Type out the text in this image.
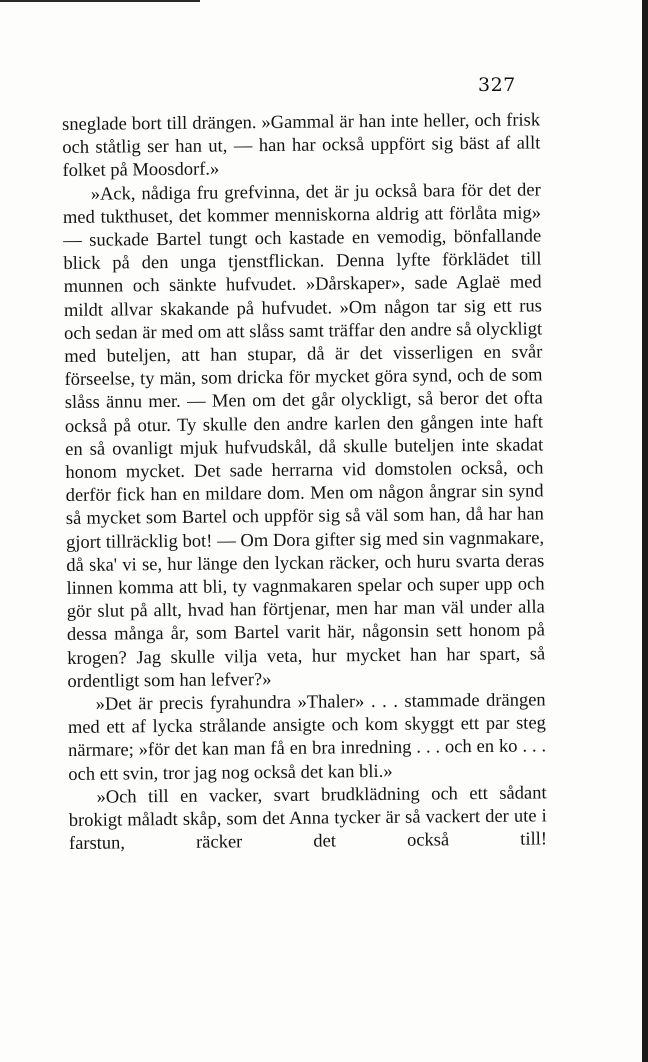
327

sneglade bort till drängen. »Gammal är han inte heller, och frisk och ståtlig ser han ut, — han har också uppfört sig bäst af allt folket på Moosdorf.»

»Ack, nådiga fru grefvinna, det är ju också bara för det der med tukthuset, det kommer menniskorna aldrig att förlåta mig» — suckade Bartel tungt och kastade en vemodig, bönfallande blick på den unga tjenstflickan. Denna lyfte förklädet till munnen och sänkte hufvudet. »Dårskaper», sade Aglaë med mildt allvar skakande på hufvudet. »Om någon tar sig ett rus och sedan är med om att slåss samt träffar den andre så olyckligt med buteljen, att han stupar, då är det visserligen en svår förseelse, ty män, som dricka för mycket göra synd, och de som slåss ännu mer. — Men om det går olyckligt, så beror det ofta också på otur. Ty skulle den andre karlen den gången inte haft en så ovanligt mjuk hufvudskål, då skulle buteljen inte skadat honom mycket. Det sade herrarna vid domstolen också, och derför fick han en mildare dom. Men om någon ångrar sin synd så mycket som Bartel och uppför sig så väl som han, då har han gjort tillräcklig bot! — Om Dora gifter sig med sin vagnmakare, då ska' vi se, hur länge den lyckan räcker, och huru svarta deras linnen komma att bli, ty vagnmakaren spelar och super upp och gör slut på allt, hvad han förtjenar, men har man väl under alla dessa många år, som Bartel varit här, någonsin sett honom på krogen? Jag skulle vilja veta, hur mycket han har spart, så ordentligt som han lefver?»

»Det är precis fyrahundra »Thaler» . . . stammade drängen med ett af lycka strålande ansigte och kom skyggt ett par steg närmare; »för det kan man få en bra inredning . . . och en ko . . . och ett svin, tror jag nog också det kan bli.»

»Och till en vacker, svart brudklädning och ett sådant brokigt måladt skåp, som det Anna tycker är så vackert der ute i farstun, räcker det också till!
